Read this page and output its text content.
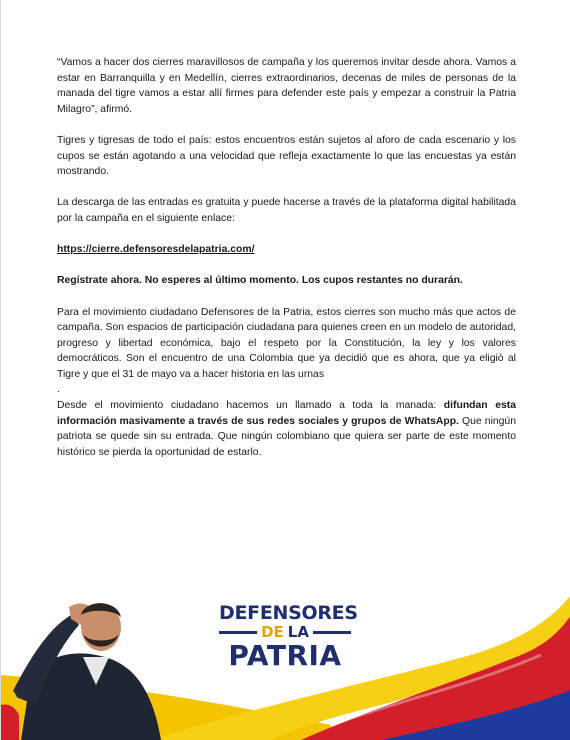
“Vamos a hacer dos cierres maravillosos de campaña y los queremos invitar desde ahora. Vamos a estar en Barranquilla y en Medellín, cierres extraordinarios, decenas de miles de personas de la manada del tigre vamos a estar allí firmes para defender este país y empezar a construir la Patria Milagro”, afirmó.

Tigres y tigresas de todo el país: estos encuentros están sujetos al aforo de cada escenario y los cupos se están agotando a una velocidad que refleja exactamente lo que las encuestas ya están mostrando.

La descarga de las entradas es gratuita y puede hacerse a través de la plataforma digital habilitada por la campaña en el siguiente enlace:

https://cierre.defensoresdelapatria.com/

Regístrate ahora. No esperes al último momento. Los cupos restantes no durarán.

Para el movimiento ciudadano Defensores de la Patria, estos cierres son mucho más que actos de campaña. Son espacios de participación ciudadana para quienes creen en un modelo de autoridad, progreso y libertad económica, bajo el respeto por la Constitución, la ley y los valores democráticos. Son el encuentro de una Colombia que ya decidió que es ahora, que ya eligió al Tigre y que el 31 de mayo va a hacer historia en las urnas

.

Desde el movimiento ciudadano hacemos un llamado a toda la manada: difundan esta información masivamente a través de sus redes sociales y grupos de WhatsApp. Que ningún patriota se quede sin su entrada. Que ningún colombiano que quiera ser parte de este momento histórico se pierda la oportunidad de estarlo.

DEFENSORES
DE LA
PATRIA
